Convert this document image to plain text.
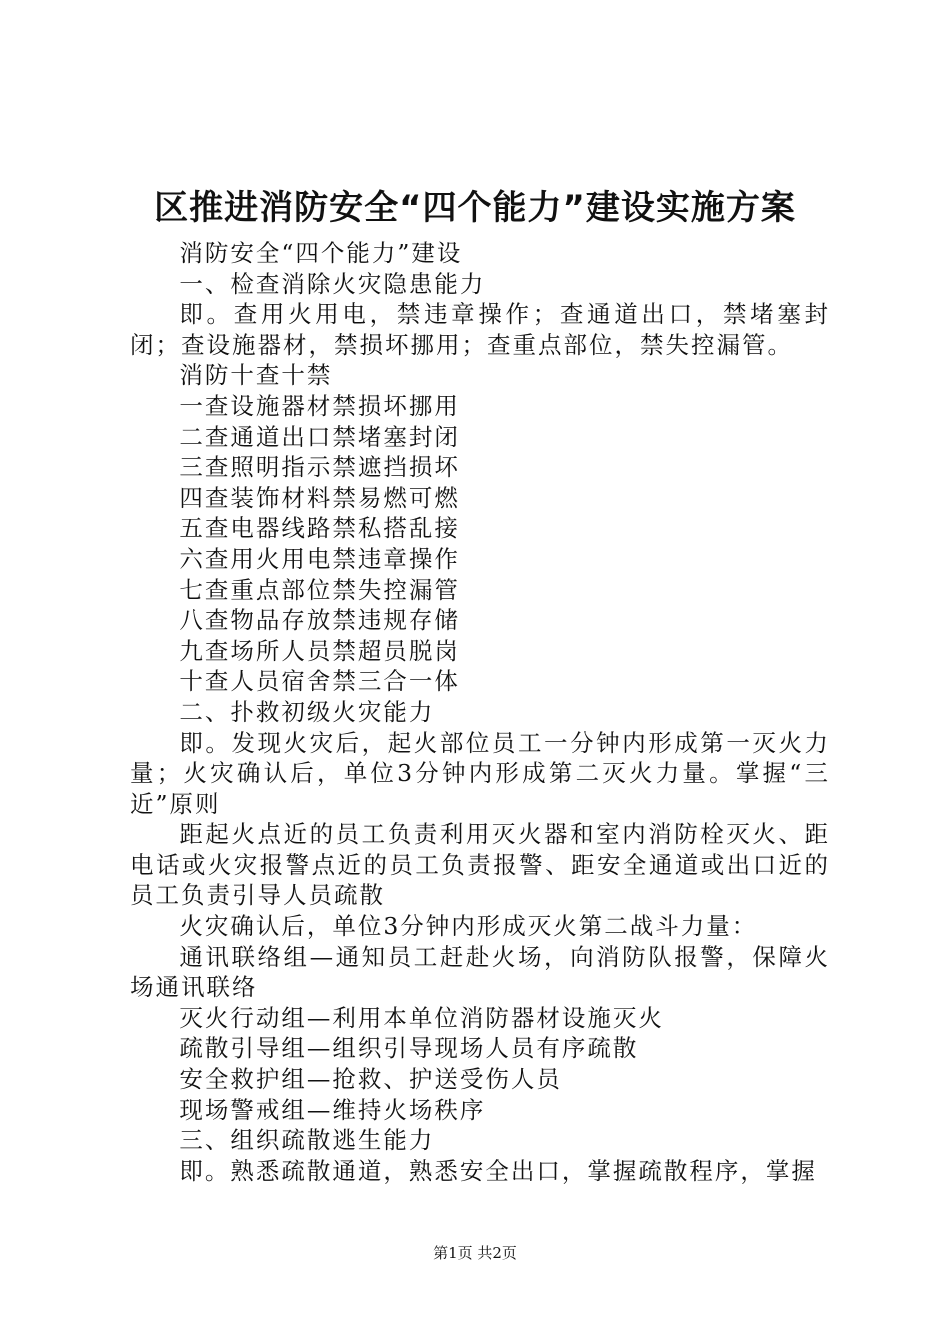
区推进消防安全“四个能力”建设实施方案

消防安全“四个能力”建设

一、检查消除火灾隐患能力

即。查用火用电，禁违章操作；查通道出口，禁堵塞封闭；查设施器材，禁损坏挪用；查重点部位，禁失控漏管。

消防十查十禁

一查设施器材禁损坏挪用

二查通道出口禁堵塞封闭

三查照明指示禁遮挡损坏

四查装饰材料禁易燃可燃

五查电器线路禁私搭乱接

六查用火用电禁违章操作

七查重点部位禁失控漏管

八查物品存放禁违规存储

九查场所人员禁超员脱岗

十查人员宿舍禁三合一体

二、扑救初级火灾能力

即。发现火灾后，起火部位员工一分钟内形成第一灭火力量；火灾确认后，单位3分钟内形成第二灭火力量。掌握“三近”原则

距起火点近的员工负责利用灭火器和室内消防栓灭火、距电话或火灾报警点近的员工负责报警、距安全通道或出口近的员工负责引导人员疏散

火灾确认后，单位3分钟内形成灭火第二战斗力量：

通讯联络组—通知员工赶赴火场，向消防队报警，保障火场通讯联络

灭火行动组—利用本单位消防器材设施灭火

疏散引导组—组织引导现场人员有序疏散

安全救护组—抢救、护送受伤人员

现场警戒组—维持火场秩序

三、组织疏散逃生能力

即。熟悉疏散通道，熟悉安全出口，掌握疏散程序，掌握

第1页 共2页
